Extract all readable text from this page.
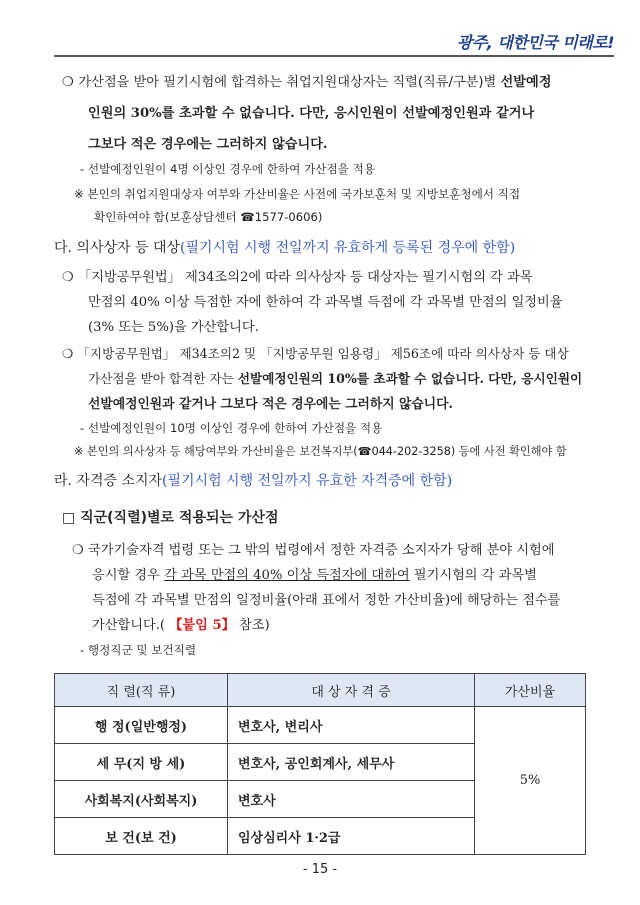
광주, 대한민국 미래로!
❍ 가산점을 받아 필기시험에 합격하는 취업지원대상자는 직렬(직류/구분)별 선발예정
인원의 30%를 초과할 수 없습니다. 다만, 응시인원이 선발예정인원과 같거나
그보다 적은 경우에는 그러하지 않습니다.
- 선발예정인원이 4명 이상인 경우에 한하여 가산점을 적용
※ 본인의 취업지원대상자 여부와 가산비율은 사전에 국가보훈처 및 지방보훈청에서 직접
확인하여야 함(보훈상담센터 ☎1577-0606)
다. 의사상자 등 대상(필기시험 시행 전일까지 유효하게 등록된 경우에 한함)
❍ 「지방공무원법」 제34조의2에 따라 의사상자 등 대상자는 필기시험의 각 과목
만점의 40% 이상 득점한 자에 한하여 각 과목별 득점에 각 과목별 만점의 일정비율
(3% 또는 5%)을 가산합니다.
❍ 「지방공무원법」 제34조의2 및 「지방공무원 임용령」 제56조에 따라 의사상자 등 대상
가산점을 받아 합격한 자는 선발예정인원의 10%를 초과할 수 없습니다. 다만, 응시인원이
선발예정인원과 같거나 그보다 적은 경우에는 그러하지 않습니다.
- 선발예정인원이 10명 이상인 경우에 한하여 가산점을 적용
※ 본인의 의사상자 등 해당여부와 가산비율은 보건복지부(☎044-202-3258) 등에 사전 확인해야 함
라. 자격증 소지자(필기시험 시행 전일까지 유효한 자격증에 한함)
□ 직군(직렬)별로 적용되는 가산점
❍ 국가기술자격 법령 또는 그 밖의 법령에서 정한 자격증 소지자가 당해 분야 시험에
응시할 경우 각 과목 만점의 40% 이상 득점자에 대하여 필기시험의 각 과목별
득점에 각 과목별 만점의 일정비율(아래 표에서 정한 가산비율)에 해당하는 점수를
가산합니다.( 【붙임 5】 참조)
- 행정직군 및 보건직렬
직 렬(직 류)	대 상 자 격 증	가산비율
행 정(일반행정)	변호사, 변리사	5%
세 무(지 방 세)	변호사, 공인회계사, 세무사	
사회복지(사회복지)	변호사	
보 건(보 건)	임상심리사 1·2급	
- 15 -
